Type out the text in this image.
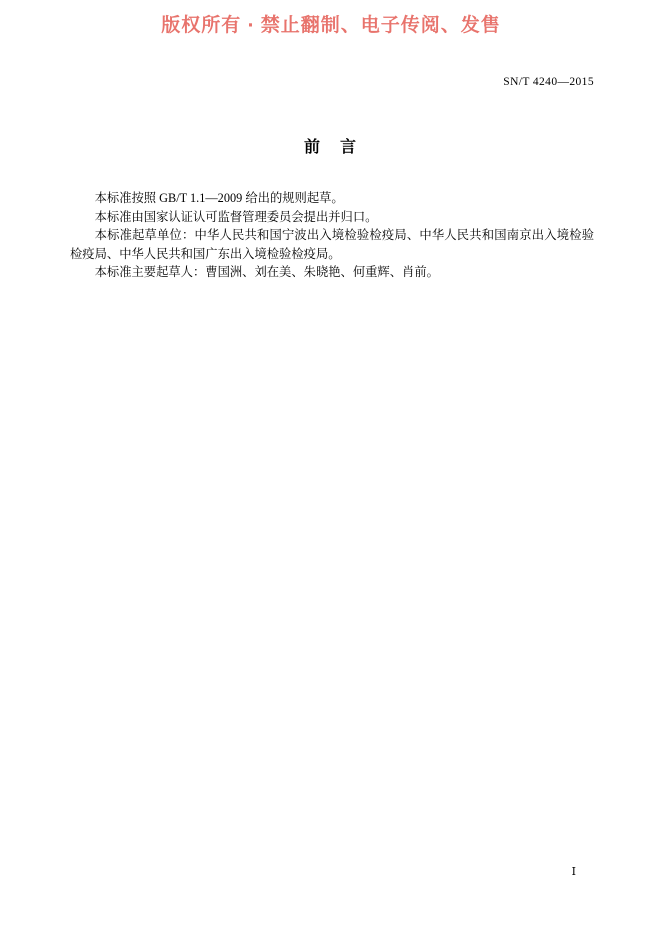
版权所有 · 禁止翻制、电子传阅、发售
SN/T 4240—2015
前 言

本标准按照 GB/T 1.1—2009 给出的规则起草。

本标准由国家认证认可监督管理委员会提出并归口。

本标准起草单位：中华人民共和国宁波出入境检验检疫局、中华人民共和国南京出入境检验检疫局、中华人民共和国广东出入境检验检疫局。

本标准主要起草人：曹国洲、刘在美、朱晓艳、何重辉、肖前。

Ⅰ
